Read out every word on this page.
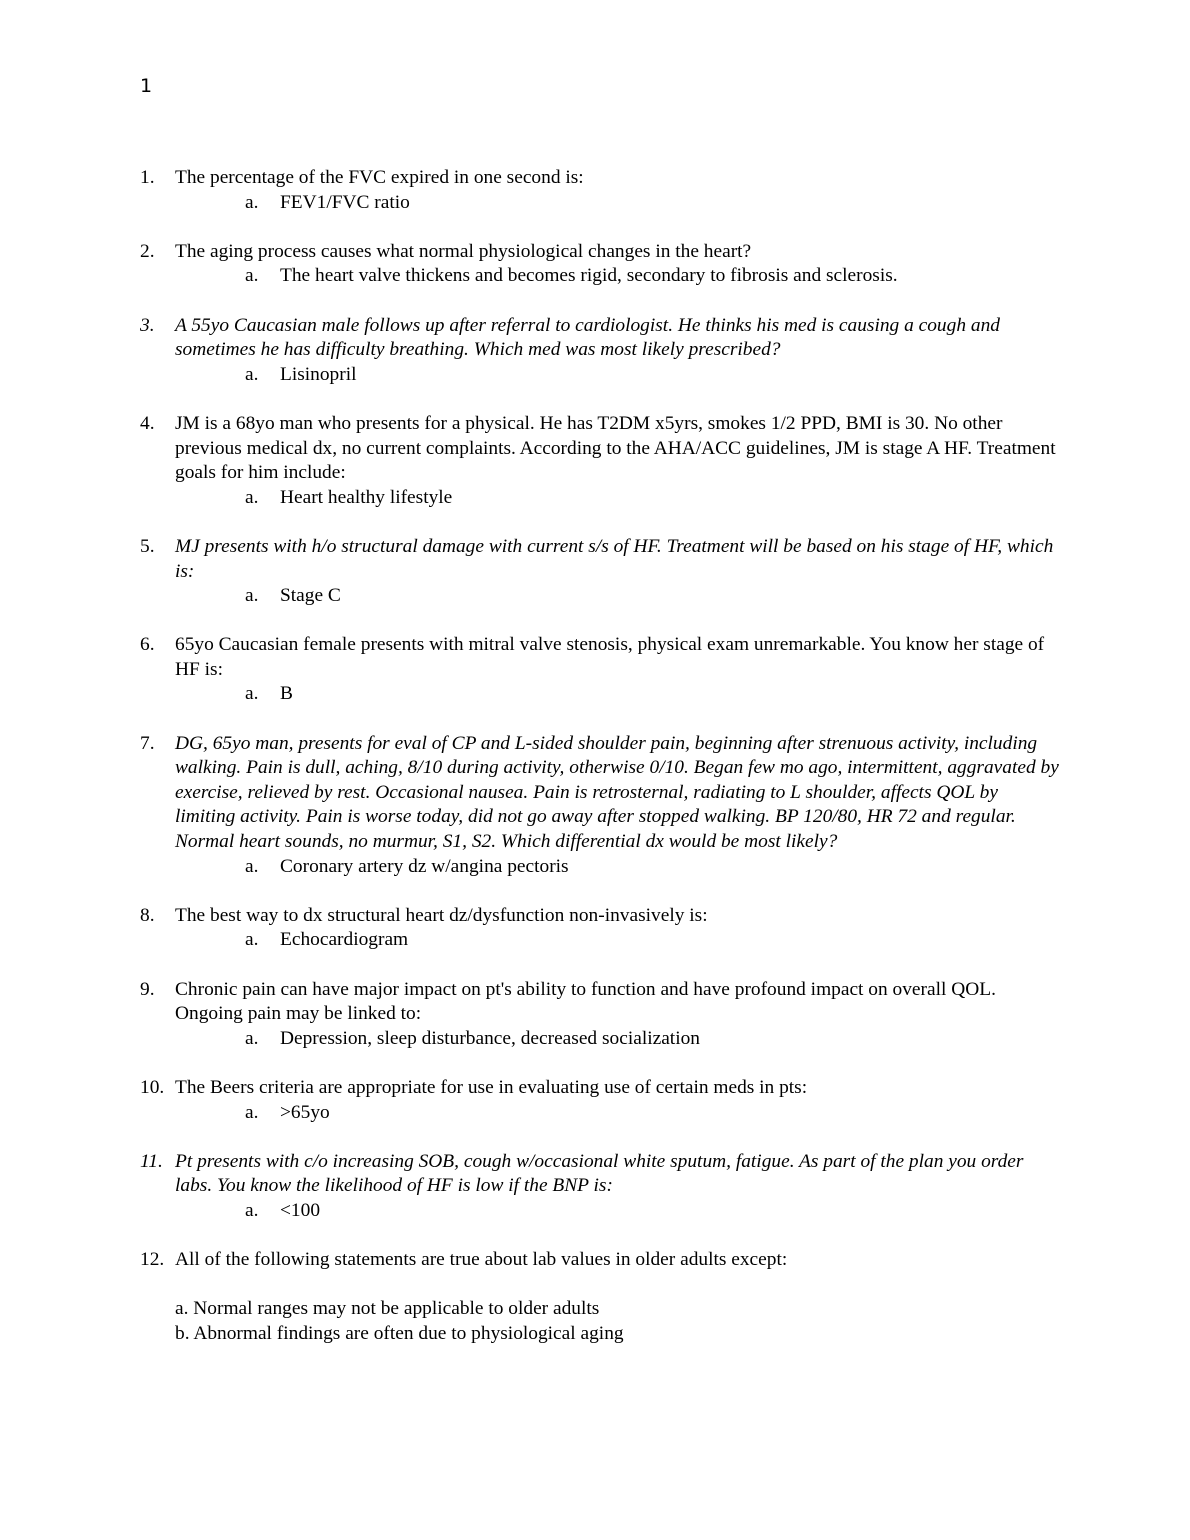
1
1. The percentage of the FVC expired in one second is:
a. FEV1/FVC ratio
2. The aging process causes what normal physiological changes in the heart?
a. The heart valve thickens and becomes rigid, secondary to fibrosis and sclerosis.
3. A 55yo Caucasian male follows up after referral to cardiologist. He thinks his med is causing a cough and sometimes he has difficulty breathing. Which med was most likely prescribed?
a. Lisinopril
4. JM is a 68yo man who presents for a physical. He has T2DM x5yrs, smokes 1/2 PPD, BMI is 30. No other previous medical dx, no current complaints. According to the AHA/ACC guidelines, JM is stage A HF. Treatment goals for him include:
a. Heart healthy lifestyle
5. MJ presents with h/o structural damage with current s/s of HF. Treatment will be based on his stage of HF, which is:
a. Stage C
6. 65yo Caucasian female presents with mitral valve stenosis, physical exam unremarkable. You know her stage of HF is:
a. B
7. DG, 65yo man, presents for eval of CP and L-sided shoulder pain, beginning after strenuous activity, including walking. Pain is dull, aching, 8/10 during activity, otherwise 0/10. Began few mo ago, intermittent, aggravated by exercise, relieved by rest. Occasional nausea. Pain is retrosternal, radiating to L shoulder, affects QOL by limiting activity. Pain is worse today, did not go away after stopped walking. BP 120/80, HR 72 and regular. Normal heart sounds, no murmur, S1, S2. Which differential dx would be most likely?
a. Coronary artery dz w/angina pectoris
8. The best way to dx structural heart dz/dysfunction non-invasively is:
a. Echocardiogram
9. Chronic pain can have major impact on pt's ability to function and have profound impact on overall QOL. Ongoing pain may be linked to:
a. Depression, sleep disturbance, decreased socialization
10. The Beers criteria are appropriate for use in evaluating use of certain meds in pts:
a. >65yo
11. Pt presents with c/o increasing SOB, cough w/occasional white sputum, fatigue. As part of the plan you order labs. You know the likelihood of HF is low if the BNP is:
a. <100
12. All of the following statements are true about lab values in older adults except:
a. Normal ranges may not be applicable to older adults
b. Abnormal findings are often due to physiological aging
